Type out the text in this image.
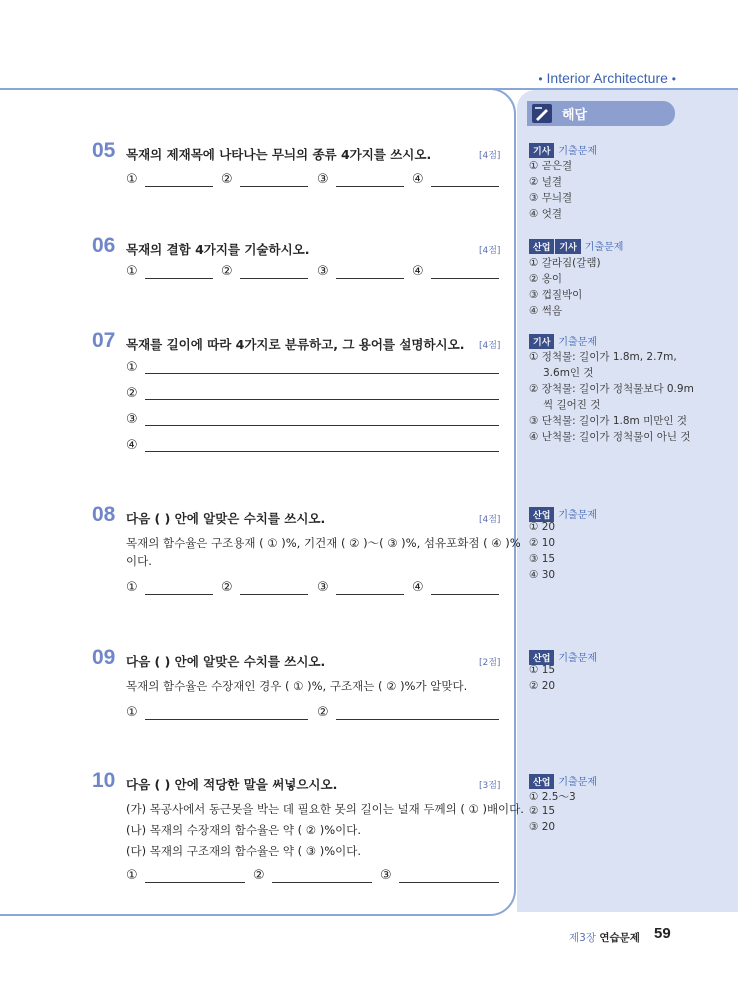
• Interior Architecture •
해답
기사 기출문제
① 곧은결
② 널결
③ 무늬결
④ 엇결
산업 기사 기출문제
① 갈라짐(갈램)
② 옹이
③ 껍질박이
④ 썩음
기사 기출문제
① 정척물: 길이가 1.8m, 2.7m,
3.6m인 것
② 장척물: 길이가 정척물보다 0.9m
씩 길어진 것
③ 단척물: 길이가 1.8m 미만인 것
④ 난척물: 길이가 정척물이 아닌 것
산업 기출문제
① 20
② 10
③ 15
④ 30
산업 기출문제
① 15
② 20
산업 기출문제
① 2.5～3
② 15
③ 20
05 목재의 제재목에 나타나는 무늬의 종류 4가지를 쓰시오.	[4점]
①	②	③	④
06 목재의 결함 4가지를 기술하시오.	[4점]
①	②	③	④
07 목재를 길이에 따라 4가지로 분류하고, 그 용어를 설명하시오. [4점]
①
②
③
④
08 다음 ( ) 안에 알맞은 수치를 쓰시오.	[4점]
목재의 함수율은 구조용재 ( ① )%, 기건재 ( ② )～( ③ )%, 섬유포화점 ( ④ )%
이다.
①	②	③	④
09 다음 ( ) 안에 알맞은 수치를 쓰시오.	[2점]
목재의 함수율은 수장재인 경우 ( ① )%, 구조재는 ( ② )%가 알맞다.
①	②
10 다음 ( ) 안에 적당한 말을 써넣으시오.	[3점]
(가) 목공사에서 동근못을 박는 데 필요한 못의 길이는 널재 두께의 ( ① )배이다.
(나) 목재의 수장재의 함수율은 약 ( ② )%이다.
(다) 목재의 구조재의 함수율은 약 ( ③ )%이다.
①	②	③
제3장 연습문제 59
